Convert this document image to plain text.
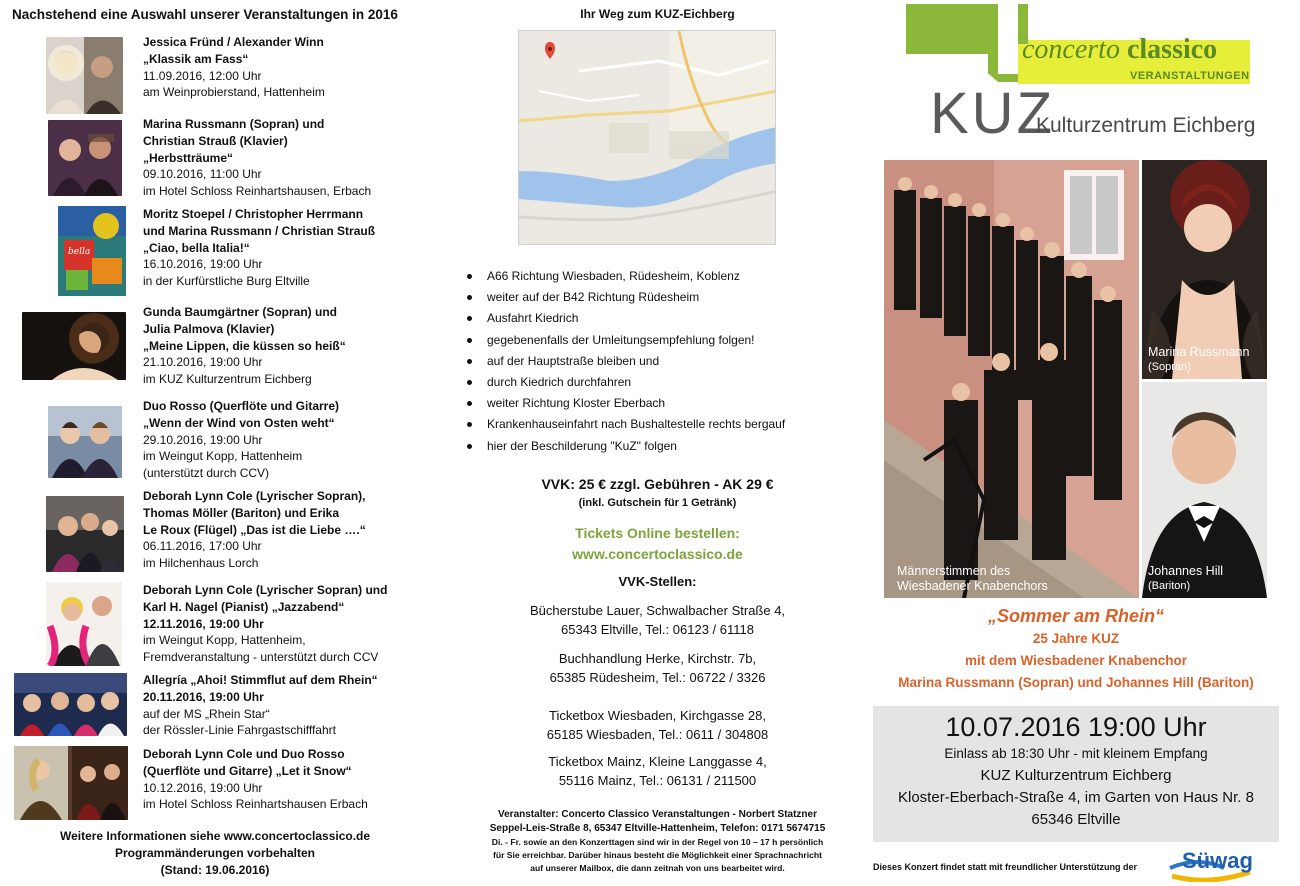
Nachstehend eine Auswahl unserer Veranstaltungen in 2016
Jessica Fründ / Alexander Winn
„Klassik am Fass“
11.09.2016, 12:00 Uhr
am Weinprobierstand, Hattenheim
Marina Russmann (Sopran) und
Christian Strauß (Klavier)
„Herbstträume“
09.10.2016, 11:00 Uhr
im Hotel Schloss Reinhartshausen, Erbach
bella
Moritz Stoepel / Christopher Herrmann
und Marina Russmann / Christian Strauß
„Ciao, bella Italia!“
16.10.2016, 19:00 Uhr
in der Kurfürstliche Burg Eltville
Gunda Baumgärtner (Sopran) und
Julia Palmova (Klavier)
„Meine Lippen, die küssen so heiß“
21.10.2016, 19:00 Uhr
im KUZ Kulturzentrum Eichberg
Duo Rosso (Querflöte und Gitarre)
„Wenn der Wind von Osten weht“
29.10.2016, 19:00 Uhr
im Weingut Kopp, Hattenheim
(unterstützt durch CCV)
Deborah Lynn Cole (Lyrischer Sopran),
Thomas Möller (Bariton) und Erika
Le Roux (Flügel) „Das ist die Liebe ….“
06.11.2016, 17:00 Uhr
im Hilchenhaus Lorch
Deborah Lynn Cole (Lyrischer Sopran) und
Karl H. Nagel (Pianist) „Jazzabend“
12.11.2016, 19:00 Uhr
im Weingut Kopp, Hattenheim,
Fremdveranstaltung - unterstützt durch CCV
Allegría „Ahoi! Stimmflut auf dem Rhein“
20.11.2016, 19:00 Uhr
auf der MS „Rhein Star“
der Rössler-Linie Fahrgastschifffahrt
Deborah Lynn Cole und Duo Rosso
(Querflöte und Gitarre) „Let it Snow“
10.12.2016, 19:00 Uhr
im Hotel Schloss Reinhartshausen Erbach
Weitere Informationen siehe www.concertoclassico.de
Programmänderungen vorbehalten
(Stand: 19.06.2016)
Ihr Weg zum KUZ-Eichberg
A66 Richtung Wiesbaden, Rüdesheim, Koblenz
weiter auf der B42 Richtung Rüdesheim
Ausfahrt Kiedrich
gegebenenfalls der Umleitungsempfehlung folgen!
auf der Hauptstraße bleiben und
durch Kiedrich durchfahren
weiter Richtung Kloster Eberbach
Krankenhauseinfahrt nach Bushaltestelle rechts bergauf
hier der Beschilderung "KuZ" folgen
VVK: 25 € zzgl. Gebühren - AK 29 €
(inkl. Gutschein für 1 Getränk)
Tickets Online bestellen:
www.concertoclassico.de
VVK-Stellen:
Bücherstube Lauer, Schwalbacher Straße 4,
65343 Eltville, Tel.: 06123 / 61118
Buchhandlung Herke, Kirchstr. 7b,
65385 Rüdesheim, Tel.: 06722 / 3326
Ticketbox Wiesbaden, Kirchgasse 28,
65185 Wiesbaden, Tel.: 0611 / 304808
Ticketbox Mainz, Kleine Langgasse 4,
55116 Mainz, Tel.: 06131 / 211500
Veranstalter: Concerto Classico Veranstaltungen - Norbert Statzner
Seppel-Leis-Straße 8, 65347 Eltville-Hattenheim, Telefon: 0171 5674715
Di. - Fr. sowie an den Konzerttagen sind wir in der Regel von 10 – 17 h persönlich
für Sie erreichbar. Darüber hinaus besteht die Möglichkeit einer Sprachnachricht
auf unserer Mailbox, die dann zeitnah von uns bearbeitet wird.
concerto classico
VERANSTALTUNGEN
KUZ
Kulturzentrum Eichberg
Männerstimmen des
Wiesbadener Knabenchors
Marina Russmann
(Sopran)
Johannes Hill
(Bariton)
„Sommer am Rhein“
25 Jahre KUZ
mit dem Wiesbadener Knabenchor
Marina Russmann (Sopran) und Johannes Hill (Bariton)
10.07.2016 19:00 Uhr
Einlass ab 18:30 Uhr - mit kleinem Empfang
KUZ Kulturzentrum Eichberg
Kloster-Eberbach-Straße 4, im Garten von Haus Nr. 8
65346 Eltville
Dieses Konzert findet statt mit freundlicher Unterstützung der Süwag
